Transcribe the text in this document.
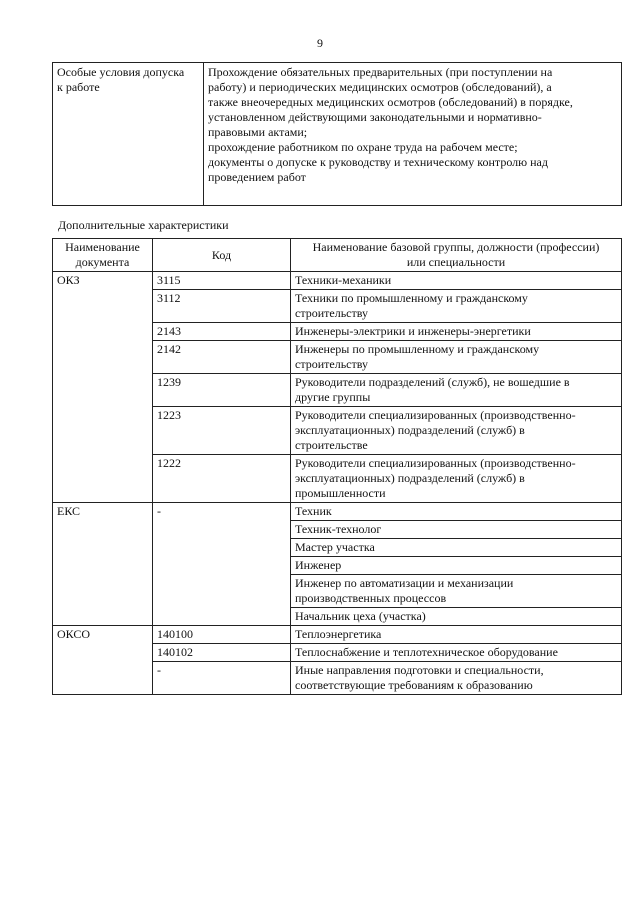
9
Особые условия допуска
к работе	Прохождение обязательных предварительных (при поступлении на
работу) и периодических медицинских осмотров (обследований), а
также внеочередных медицинских осмотров (обследований) в порядке,
установленном действующими законодательными и нормативно-
правовыми актами;
прохождение работником по охране труда на рабочем месте;
документы о допуске к руководству и техническому контролю над
проведением работ
Дополнительные характеристики
Наименование
документа	Код	Наименование базовой группы, должности (профессии)
или специальности
ОКЗ	3115	Техники-механики
	3112	Техники по промышленному и гражданскому
строительству
	2143	Инженеры-электрики и инженеры-энергетики
	2142	Инженеры по промышленному и гражданскому
строительству
	1239	Руководители подразделений (служб), не вошедшие в
другие группы
	1223	Руководители специализированных (производственно-
эксплуатационных) подразделений (служб) в
строительстве
	1222	Руководители специализированных (производственно-
эксплуатационных) подразделений (служб) в
промышленности
ЕКС	-	Техник
		Техник-технолог
		Мастер участка
		Инженер
		Инженер по автоматизации и механизации
производственных процессов
		Начальник цеха (участка)
ОКСО	140100	Теплоэнергетика
	140102	Теплоснабжение и теплотехническое оборудование
	-	Иные направления подготовки и специальности,
соответствующие требованиям к образованию
